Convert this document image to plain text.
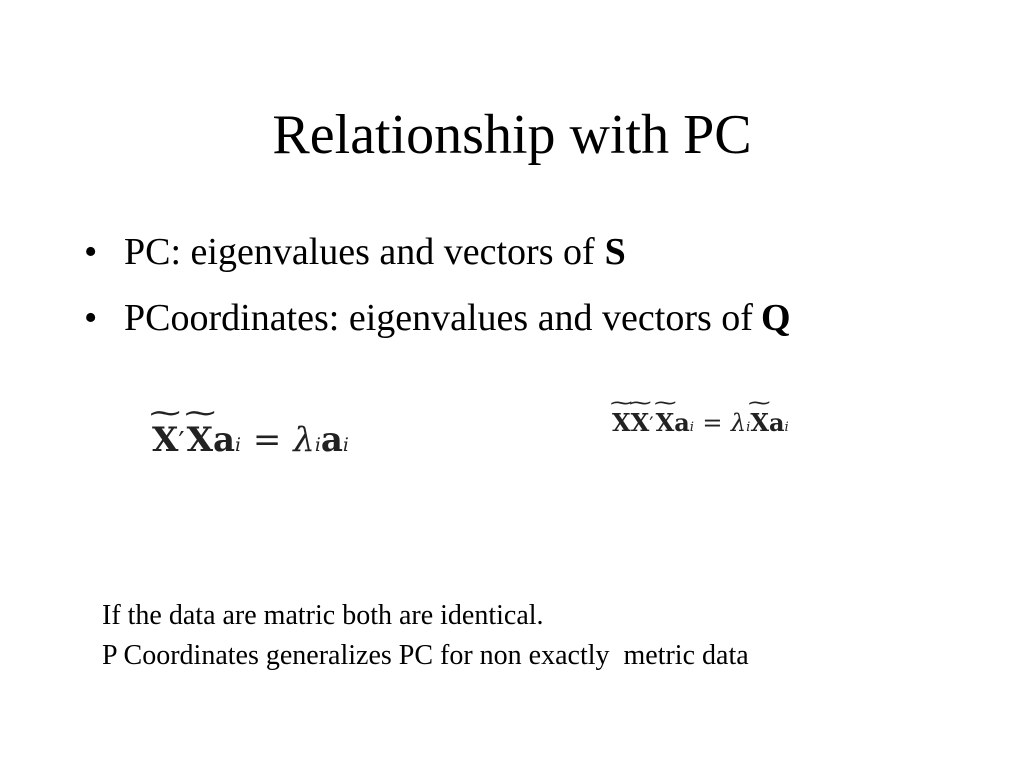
Relationship with PC
• PC: eigenvalues and vectors of S
• PCoordinates: eigenvalues and vectors of Q
~ X ′ ~ X a i = λ i a i
~ X ~ X ′ ~ X $a_i = \lambda$ i ~ X $a_i$
If the data are matric both are identical.
P Coordinates generalizes PC for non exactly  metric data
